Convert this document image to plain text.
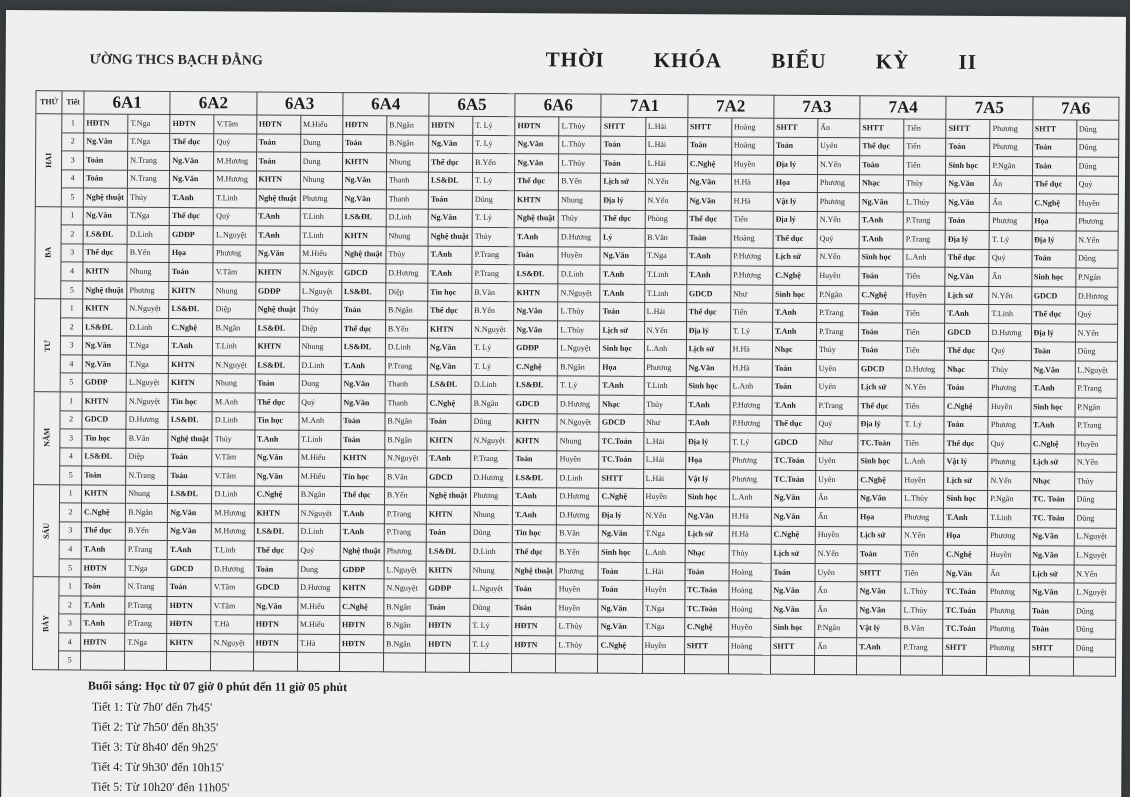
ƯỜNG THCS BẠCH ĐẰNG	THỜI KHÓA BIỂU KỲ II
THỨ	Tiết	6A1		6A2		6A3		6A4		6A5		6A6		7A1		7A2		7A3		7A4		7A5		7A6	
HAI	1	HĐTN	T.Nga	HĐTN	V.Tâm	HĐTN	M.Hiếu	HĐTN	B.Ngân	HĐTN	T. Lý	HĐTN	L.Thủy	SHTT	L.Hải	SHTT	Hoàng	SHTT	Ấn	SHTT	Tiến	SHTT	Phương	SHTT	Dũng
	2	Ng.Văn	T.Nga	Thể dục	Quý	Toán	Dung	Toán	B.Ngân	Ng.Văn	T. Lý	Ng.Văn	L.Thủy	Toán	L.Hải	Toán	Hoàng	Toán	Uyên	Thể dục	Tiến	Toán	Phương	Toán	Dũng
	3	Toán	N.Trang	Ng.Văn	M.Hương	Toán	Dung	KHTN	Nhung	Thể dục	B.Yến	Ng.Văn	L.Thủy	Toán	L.Hải	C.Nghệ	Huyền	Địa lý	N.Yến	Toán	Tiến	Sinh học	P.Ngân	Toán	Dũng
	4	Toán	N.Trang	Ng.Văn	M.Hương	KHTN	Nhung	Ng.Văn	Thanh	LS&ĐL	T. Lý	Thể dục	B.Yến	Lịch sử	N.Yến	Ng.Văn	H.Hà	Họa	Phương	Nhạc	Thủy	Ng.Văn	Ấn	Thể dục	Quý
	5	Nghệ thuật	Thủy	T.Anh	T.Linh	Nghệ thuật	Phương	Ng.Văn	Thanh	Toán	Dũng	KHTN	Nhung	Địa lý	N.Yến	Ng.Văn	H.Hà	Vật lý	Phương	Ng.Văn	L.Thủy	Ng.Văn	Ấn	C.Nghệ	Huyền
BA	1	Ng.Văn	T.Nga	Thể dục	Quý	T.Anh	T.Linh	LS&ĐL	D.Linh	Ng.Văn	T. Lý	Nghệ thuật	Thủy	Thể dục	Phòng	Thể dục	Tiến	Địa lý	N.Yến	T.Anh	P.Trang	Toán	Phương	Họa	Phương
	2	LS&ĐL	D.Linh	GDĐP	L.Nguyệt	T.Anh	T.Linh	KHTN	Nhung	Nghệ thuật	Thủy	T.Anh	D.Hương	Lý	B.Văn	Toán	Hoàng	Thể dục	Quý	T.Anh	P.Trang	Địa lý	T. Lý	Địa lý	N.Yến
	3	Thể dục	B.Yến	Họa	Phương	Ng.Văn	M.Hiếu	Nghệ thuật	Thủy	T.Anh	P.Trang	Toán	Huyền	Ng.Văn	T.Nga	T.Anh	P.Hương	Lịch sử	N.Yến	Sinh học	L.Anh	Thể dục	Quý	Toán	Dũng
	4	KHTN	Nhung	Toán	V.Tâm	KHTN	N.Nguyệt	GDCD	D.Hương	T.Anh	P.Trang	LS&ĐL	D.Linh	T.Anh	T.Linh	T.Anh	P.Hương	C.Nghệ	Huyền	Toán	Tiến	Ng.Văn	Ấn	Sinh học	P.Ngân
	5	Nghệ thuật	Phương	KHTN	Nhung	GDĐP	L.Nguyệt	LS&ĐL	Diệp	Tin học	B.Vân	KHTN	N.Nguyệt	T.Anh	T.Linh	GDCD	Như	Sinh học	P.Ngân	C.Nghệ	Huyền	Lịch sử	N.Yến	GDCD	D.Hương
TƯ	1	KHTN	N.Nguyệt	LS&ĐL	Diệp	Nghệ thuật	Thủy	Toán	B.Ngân	Thể dục	B.Yến	Ng.Văn	L.Thủy	Toán	L.Hải	Thể dục	Tiến	T.Anh	P.Trang	Toán	Tiến	T.Anh	T.Linh	Thể dục	Quý
	2	LS&ĐL	D.Linh	C.Nghệ	B.Ngân	LS&ĐL	Diệp	Thể dục	B.Yến	KHTN	N.Nguyệt	Ng.Văn	L.Thủy	Lịch sử	N.Yến	Địa lý	T. Lý	T.Anh	P.Trang	Toán	Tiến	GDCD	D.Hương	Địa lý	N.Yến
	3	Ng.Văn	T.Nga	T.Anh	T.Linh	KHTN	Nhung	LS&ĐL	D.Linh	Ng.Văn	T. Lý	GDĐP	L.Nguyệt	Sinh học	L.Anh	Lịch sử	H.Hà	Nhạc	Thủy	Toán	Tiến	Thể dục	Quý	Toán	Dũng
	4	Ng.Văn	T.Nga	KHTN	N.Nguyệt	LS&ĐL	D.Linh	T.Anh	P.Trang	Ng.Văn	T. Lý	C.Nghệ	B.Ngân	Họa	Phương	Ng.Văn	H.Hà	Toán	Uyên	GDCD	D.Hương	Nhạc	Thủy	Ng.Văn	L.Nguyệt
	5	GDĐP	L.Nguyệt	KHTN	Nhung	Toán	Dung	Ng.Văn	Thanh	LS&ĐL	D.Linh	LS&ĐL	T. Lý	T.Anh	T.Linh	Sinh học	L.Anh	Toán	Uyên	Lịch sử	N.Yến	Toán	Phương	T.Anh	P.Trang
NĂM	1	KHTN	N.Nguyệt	Tin học	M.Anh	Thể dục	Quý	Ng.Văn	Thanh	C.Nghệ	B.Ngân	GDCD	D.Hương	Nhạc	Thủy	T.Anh	P.Hương	T.Anh	P.Trang	Thể dục	Tiến	C.Nghệ	Huyền	Sinh học	P.Ngân
	2	GDCD	D.Hương	LS&ĐL	D.Linh	Tin học	M.Anh	Toán	B.Ngân	Toán	Dũng	KHTN	N.Nguyệt	GDCD	Như	T.Anh	P.Hương	Thể dục	Quý	Địa lý	T. Lý	Toán	Phương	T.Anh	P.Trang
	3	Tin học	B.Vân	Nghệ thuật	Thủy	T.Anh	T.Linh	Toán	B.Ngân	KHTN	N.Nguyệt	KHTN	Nhung	TC.Toán	L.Hải	Địa lý	T. Lý	GDCD	Như	TC.Toán	Tiến	Thể dục	Quý	C.Nghệ	Huyền
	4	LS&ĐL	Diệp	Toán	V.Tâm	Ng.Văn	M.Hiếu	KHTN	N.Nguyệt	T.Anh	P.Trang	Toán	Huyền	TC.Toán	L.Hải	Họa	Phương	TC.Toán	Uyên	Sinh học	L.Anh	Vật lý	Phương	Lịch sử	N.Yến
	5	Toán	N.Trang	Toán	V.Tâm	Ng.Văn	M.Hiếu	Tin học	B.Vân	GDCD	D.Hương	LS&ĐL	D.Linh	SHTT	L.Hải	Vật lý	Phương	TC.Toán	Uyên	C.Nghệ	Huyền	Lịch sử	N.Yến	Nhạc	Thủy
SÁU	1	KHTN	Nhung	LS&ĐL	D.Linh	C.Nghệ	B.Ngân	Thể dục	B.Yến	Nghệ thuật	Phương	T.Anh	D.Hương	C.Nghệ	Huyền	Sinh học	L.Anh	Ng.Văn	Ấn	Ng.Văn	L.Thủy	Sinh học	P.Ngân	TC. Toán	Dũng
	2	C.Nghệ	B.Ngân	Ng.Văn	M.Hương	KHTN	N.Nguyệt	T.Anh	P.Trang	KHTN	Nhung	T.Anh	D.Hương	Địa lý	N.Yến	Ng.Văn	H.Hà	Ng.Văn	Ấn	Họa	Phương	T.Anh	T.Linh	TC. Toán	Dũng
	3	Thể dục	B.Yến	Ng.Văn	M.Hương	LS&ĐL	D.Linh	T.Anh	P.Trang	Toán	Dũng	Tin học	B.Vân	Ng.Văn	T.Nga	Lịch sử	H.Hà	C.Nghệ	Huyền	Lịch sử	N.Yến	Họa	Phương	Ng.Văn	L.Nguyệt
	4	T.Anh	P.Trang	T.Anh	T.Linh	Thể dục	Quý	Nghệ thuật	Phương	LS&ĐL	D.Linh	Thể dục	B.Yến	Sinh học	L.Anh	Nhạc	Thủy	Lịch sử	N.Yến	Toán	Tiến	C.Nghệ	Huyền	Ng.Văn	L.Nguyệt
	5	HĐTN	T.Nga	GDCD	D.Hương	Toán	Dung	GDĐP	L.Nguyệt	KHTN	Nhung	Nghệ thuật	Phương	Toán	L.Hải	Toán	Hoàng	Toán	Uyên	SHTT	Tiến	Ng.Văn	Ấn	Lịch sử	N.Yến
BẢY	1	Toán	N.Trang	Toán	V.Tâm	GDCD	D.Hương	KHTN	N.Nguyệt	GDĐP	L.Nguyệt	Toán	Huyền	Toán	Huyền	TC.Toán	Hoàng	Ng.Văn	Ấn	Ng.Văn	L.Thủy	TC.Toán	Phương	Ng.Văn	L.Nguyệt
	2	T.Anh	P.Trang	HĐTN	V.Tâm	Ng.Văn	M.Hiếu	C.Nghệ	B.Ngân	Toán	Dũng	Toán	Huyền	Ng.Văn	T.Nga	TC.Toán	Hoàng	Ng.Văn	Ấn	Ng.Văn	L.Thủy	TC.Toán	Phương	Toán	Dũng
	3	T.Anh	P.Trang	HĐTN	T.Hà	HĐTN	M.Hiếu	HĐTN	B.Ngân	HĐTN	T. Lý	HĐTN	L.Thủy	Ng.Văn	T.Nga	C.Nghệ	Huyền	Sinh học	P.Ngân	Vật lý	B.Vân	TC.Toán	Phương	Toán	Dũng
	4	HĐTN	T.Nga	KHTN	N.Nguyệt	HĐTN	T.Hà	HĐTN	B.Ngân	HĐTN	T. Lý	HĐTN	L.Thủy	C.Nghệ	Huyền	SHTT	Hoàng	SHTT	Ấn	T.Anh	P.Trang	SHTT	Phương	SHTT	Dũng
	5																								
Buổi sáng: Học từ 07 giờ 0 phút đến 11 giờ 05 phút
Tiết 1: Từ 7h0' đến 7h45'
Tiết 2: Từ 7h50' đến 8h35'
Tiết 3: Từ 8h40' đến 9h25'
Tiết 4: Từ 9h30' đến 10h15'
Tiết 5: Từ 10h20' đến 11h05'
